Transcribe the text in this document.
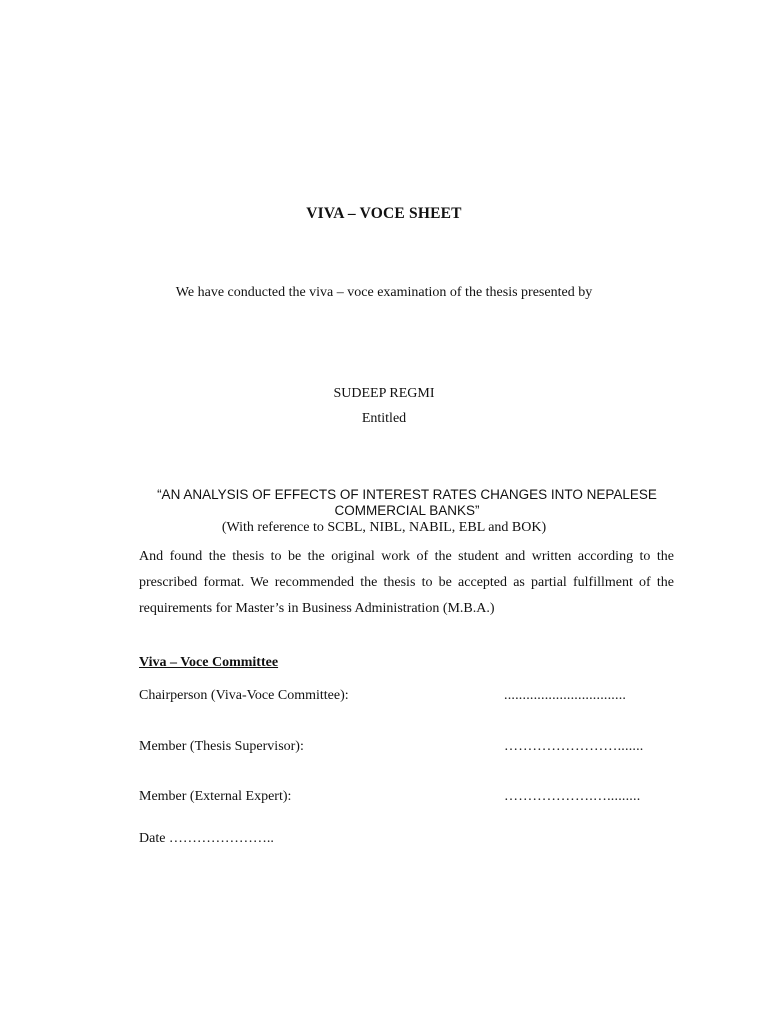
VIVA – VOCE SHEET
We have conducted the viva – voce examination of the thesis presented by
SUDEEP REGMI
Entitled
“AN ANALYSIS OF EFFECTS OF INTEREST RATES CHANGES INTO NEPALESE COMMERCIAL BANKS”
(With reference to SCBL, NIBL, NABIL, EBL and BOK)
And found the thesis to be the original work of the student and written according to the prescribed format. We recommended the thesis to be accepted as partial fulfillment of the requirements for Master’s in Business Administration (M.B.A.)
Viva – Voce Committee
Chairperson (Viva-Voce Committee):	.................................
Member (Thesis Supervisor):	…………………….......
Member (External Expert):	……………….….........
Date …………………..
